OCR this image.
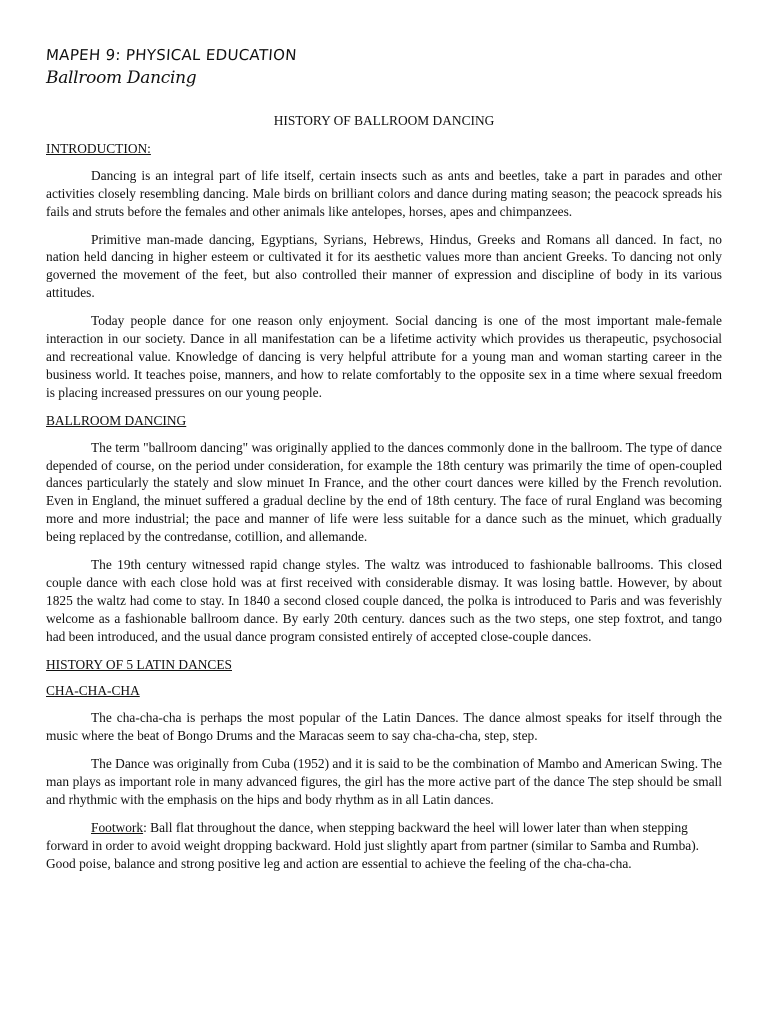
MAPEH 9: PHYSICAL EDUCATION
Ballroom Dancing
HISTORY OF BALLROOM DANCING
INTRODUCTION:

Dancing is an integral part of life itself, certain insects such as ants and beetles, take a part in parades and other activities closely resembling dancing. Male birds on brilliant colors and dance during mating season; the peacock spreads his fails and struts before the females and other animals like antelopes, horses, apes and chimpanzees.

Primitive man-made dancing, Egyptians, Syrians, Hebrews, Hindus, Greeks and Romans all danced. In fact, no nation held dancing in higher esteem or cultivated it for its aesthetic values more than ancient Greeks. To dancing not only governed the movement of the feet, but also controlled their manner of expression and discipline of body in its various attitudes.

Today people dance for one reason only enjoyment. Social dancing is one of the most important male-female interaction in our society. Dance in all manifestation can be a lifetime activity which provides us therapeutic, psychosocial and recreational value. Knowledge of dancing is very helpful attribute for a young man and woman starting career in the business world. It teaches poise, manners, and how to relate comfortably to the opposite sex in a time where sexual freedom is placing increased pressures on our young people.

BALLROOM DANCING

The term "ballroom dancing" was originally applied to the dances commonly done in the ballroom. The type of dance depended of course, on the period under consideration, for example the 18th century was primarily the time of open-coupled dances particularly the stately and slow minuet In France, and the other court dances were killed by the French revolution. Even in England, the minuet suffered a gradual decline by the end of 18th century. The face of rural England was becoming more and more industrial; the pace and manner of life were less suitable for a dance such as the minuet, which gradually being replaced by the contredanse, cotillion, and allemande.

The 19th century witnessed rapid change styles. The waltz was introduced to fashionable ballrooms. This closed couple dance with each close hold was at first received with considerable dismay. It was losing battle. However, by about 1825 the waltz had come to stay. In 1840 a second closed couple danced, the polka is introduced to Paris and was feverishly welcome as a fashionable ballroom dance. By early 20th century. dances such as the two steps, one step foxtrot, and tango had been introduced, and the usual dance program consisted entirely of accepted close-couple dances.

HISTORY OF 5 LATIN DANCES
CHA-CHA-CHA

The cha-cha-cha is perhaps the most popular of the Latin Dances. The dance almost speaks for itself through the music where the beat of Bongo Drums and the Maracas seem to say cha-cha-cha, step, step.

The Dance was originally from Cuba (1952) and it is said to be the combination of Mambo and American Swing. The man plays as important role in many advanced figures, the girl has the more active part of the dance The step should be small and rhythmic with the emphasis on the hips and body rhythm as in all Latin dances.

Footwork: Ball flat throughout the dance, when stepping backward the heel will lower later than when stepping forward in order to avoid weight dropping backward. Hold just slightly apart from partner (similar to Samba and Rumba). Good poise, balance and strong positive leg and action are essential to achieve the feeling of the cha-cha-cha.
